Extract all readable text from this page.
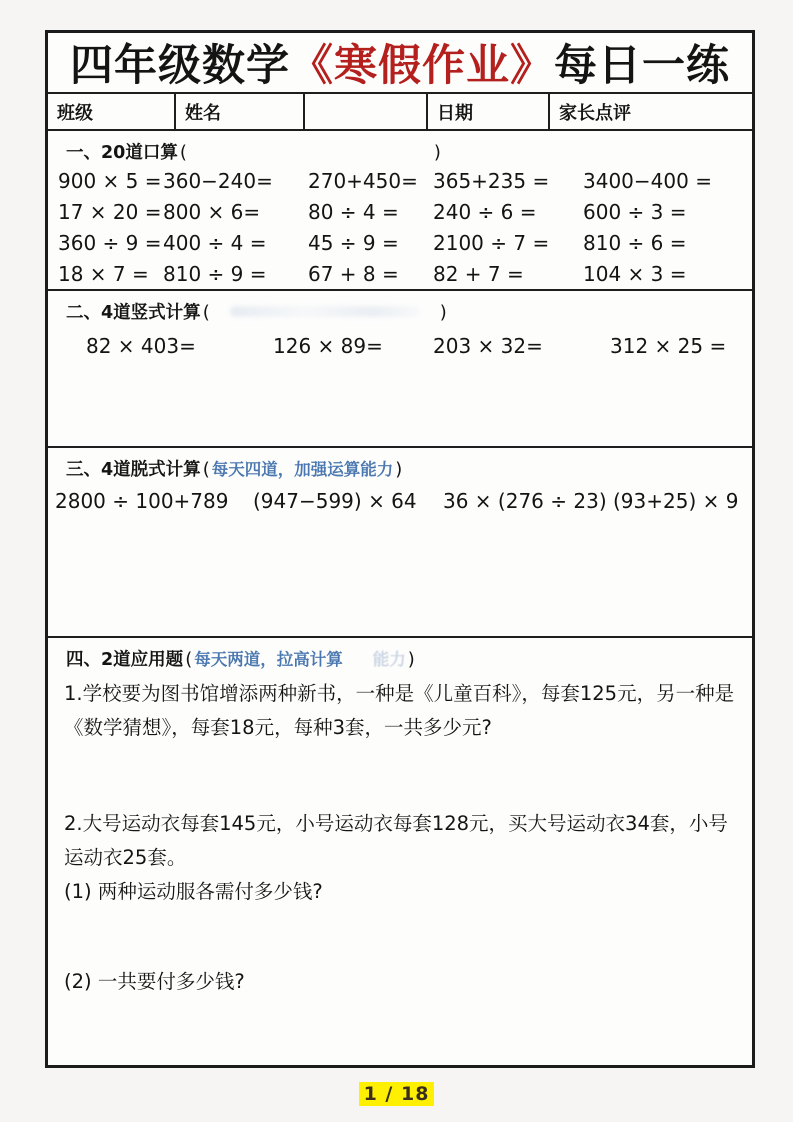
四年级数学 《寒假作业》 每日一练
班级	姓名	日期	家长点评
一、20道口算 (	)
900 × 5 = 360−240=	270+450= 365+235 =	3400−400 =
17 × 20 = 800 × 6=	80 ÷ 4 =	240 ÷ 6 =	600 ÷ 3 =
360 ÷ 9 = 400 ÷ 4 =	45 ÷ 9 =	2100 ÷ 7 =	810 ÷ 6 =
18 × 7 = 810 ÷ 9 =	67 + 8 =	82 + 7 =	104 × 3 =
二、4道竖式计算 (	)
82 × 403=	126 × 89=	203 × 32=	312 × 25 =
三、4道脱式计算 ( 每天四道，加强运算能力 )
2800 ÷ 100+789	(947−599) × 64	36 × (276 ÷ 23) (93+25) × 9
四、2道应用题 ( 每天两道，拉高计算 能力 )
1.学校要为图书馆增添两种新书，一种是《儿童百科》，每套125元，另一种是《数学猜想》，每套18元，每种3套，一共多少元?
2.大号运动衣每套145元，小号运动衣每套128元，买大号运动衣34套，小号运动衣25套。
(1) 两种运动服各需付多少钱?
(2) 一共要付多少钱?
1 / 18
